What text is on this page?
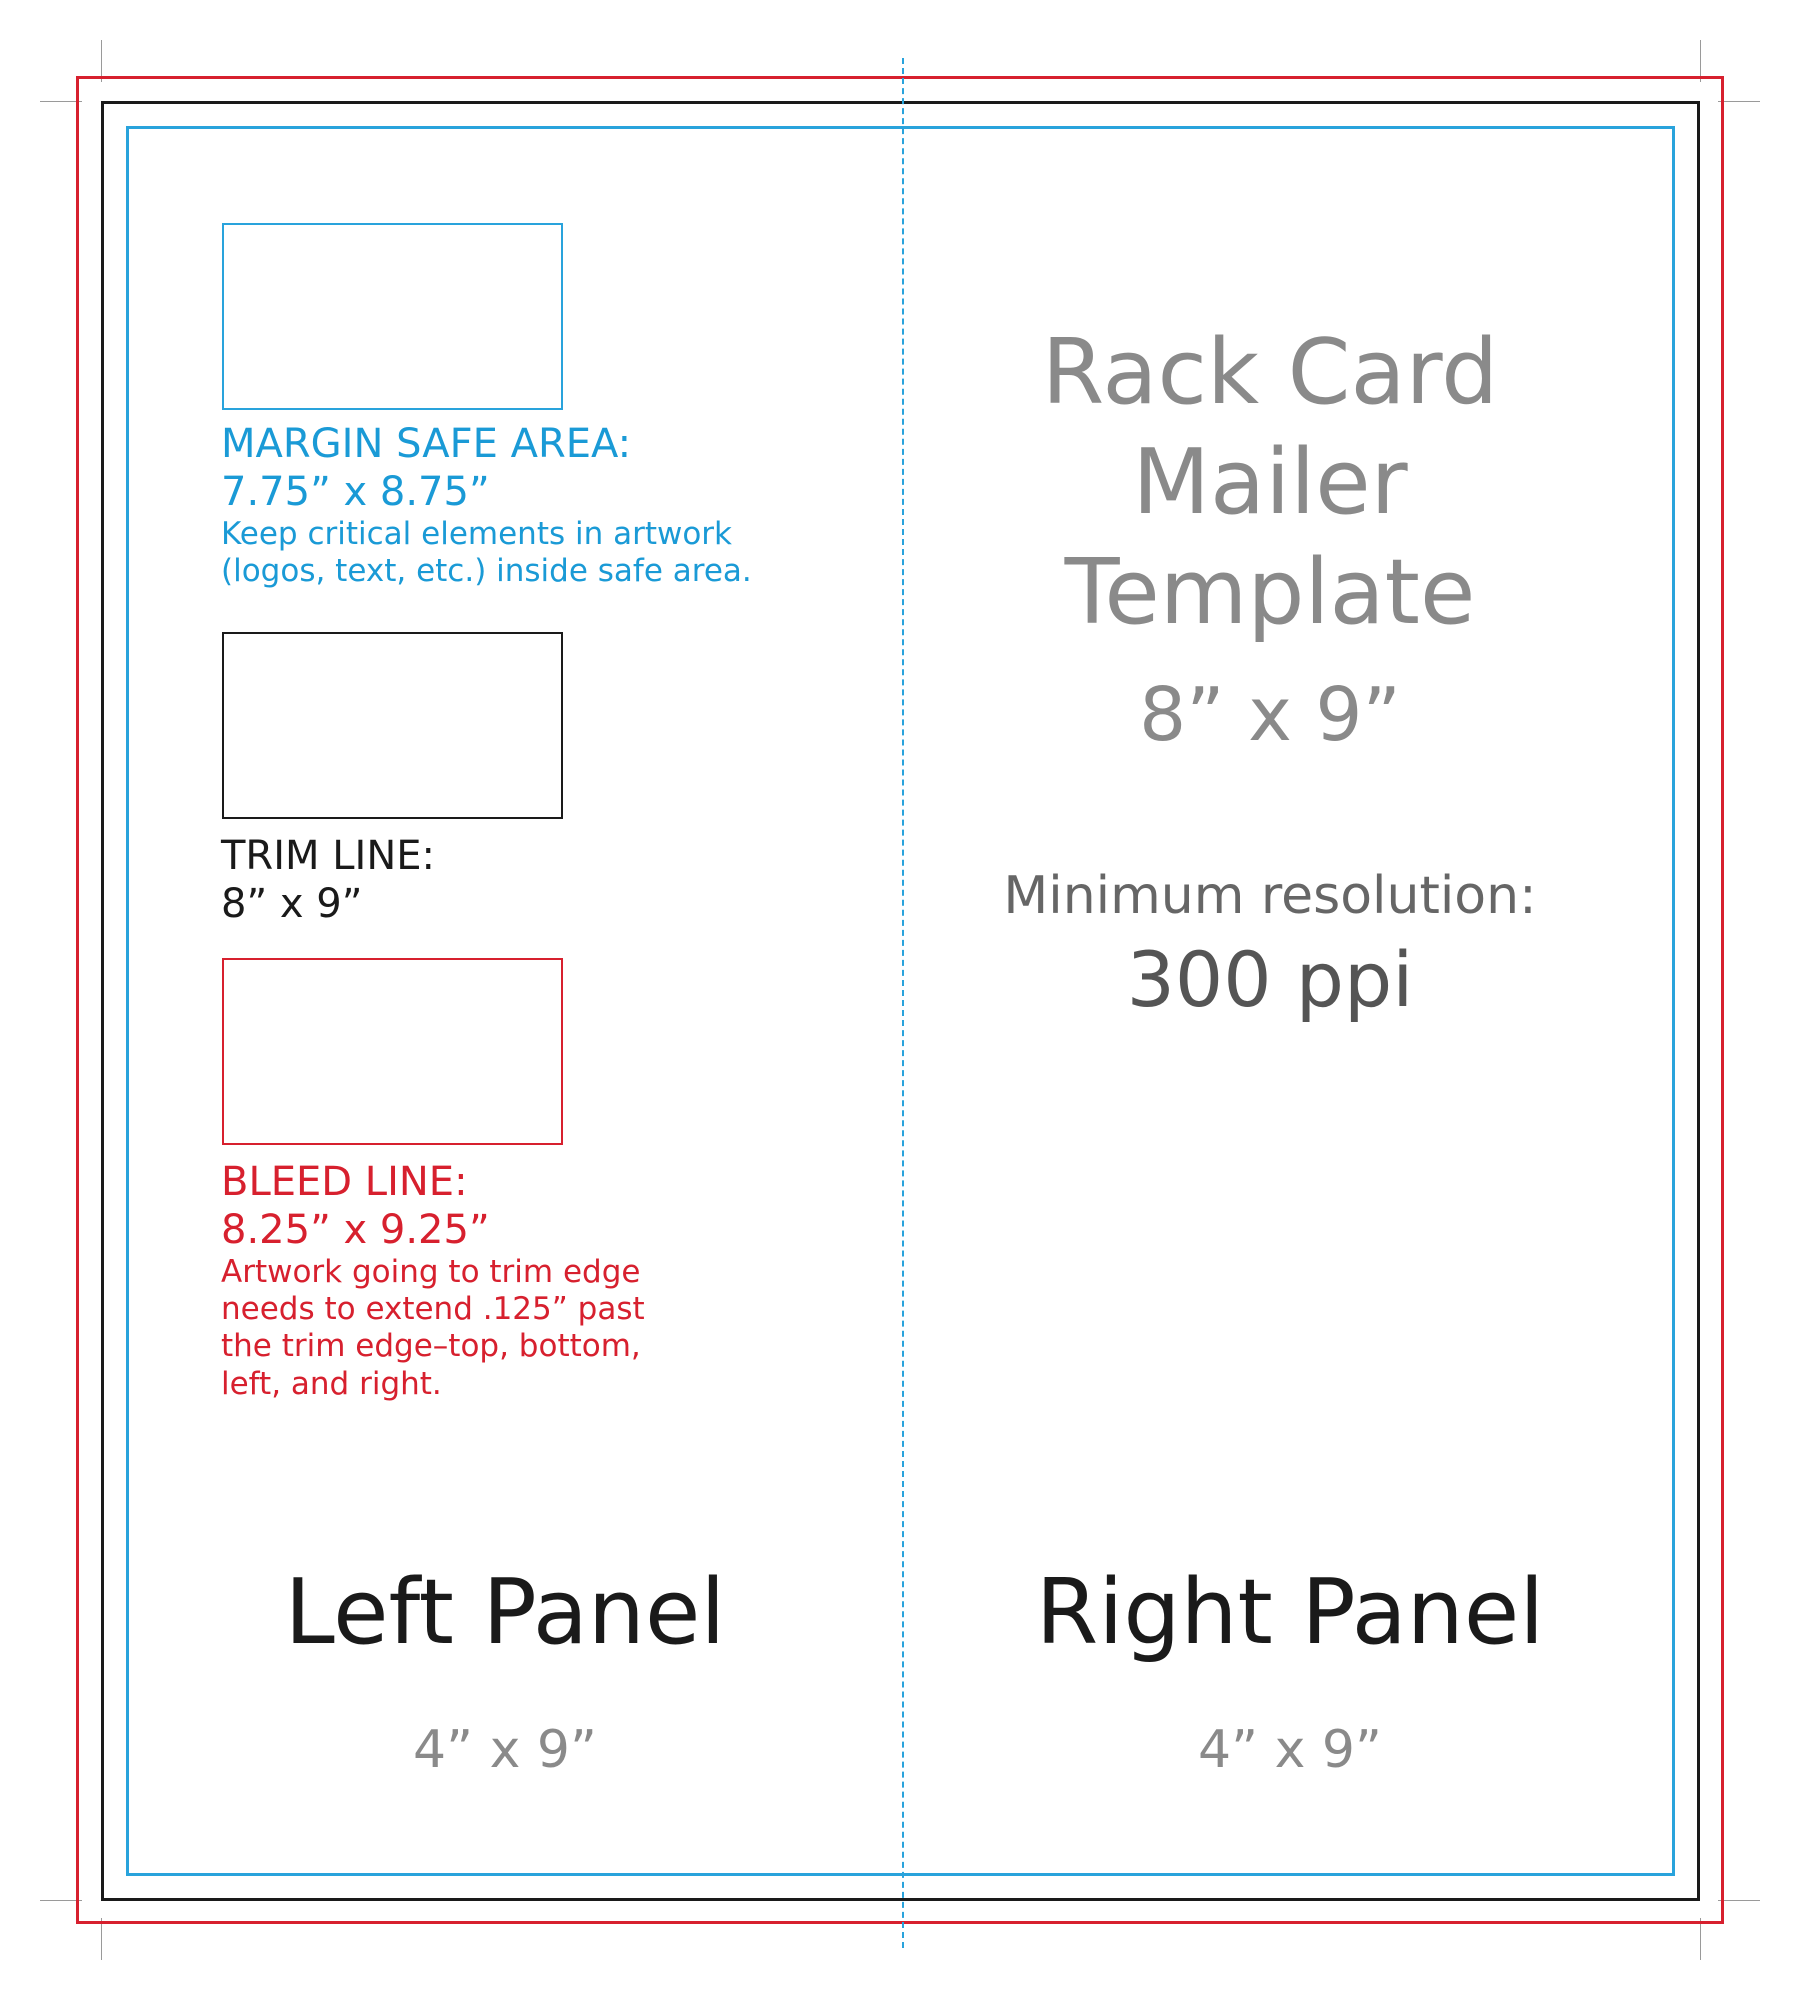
MARGIN SAFE AREA:
7.75” x 8.75”
Keep critical elements in artwork
(logos, text, etc.) inside safe area.
TRIM LINE:
8” x 9”
BLEED LINE:
8.25” x 9.25”
Artwork going to trim edge
needs to extend .125” past
the trim edge–top, bottom,
left, and right.
Rack Card
Mailer
Template
8” x 9”
Minimum resolution:
300 ppi
Left Panel
4” x 9”
Right Panel
4” x 9”
